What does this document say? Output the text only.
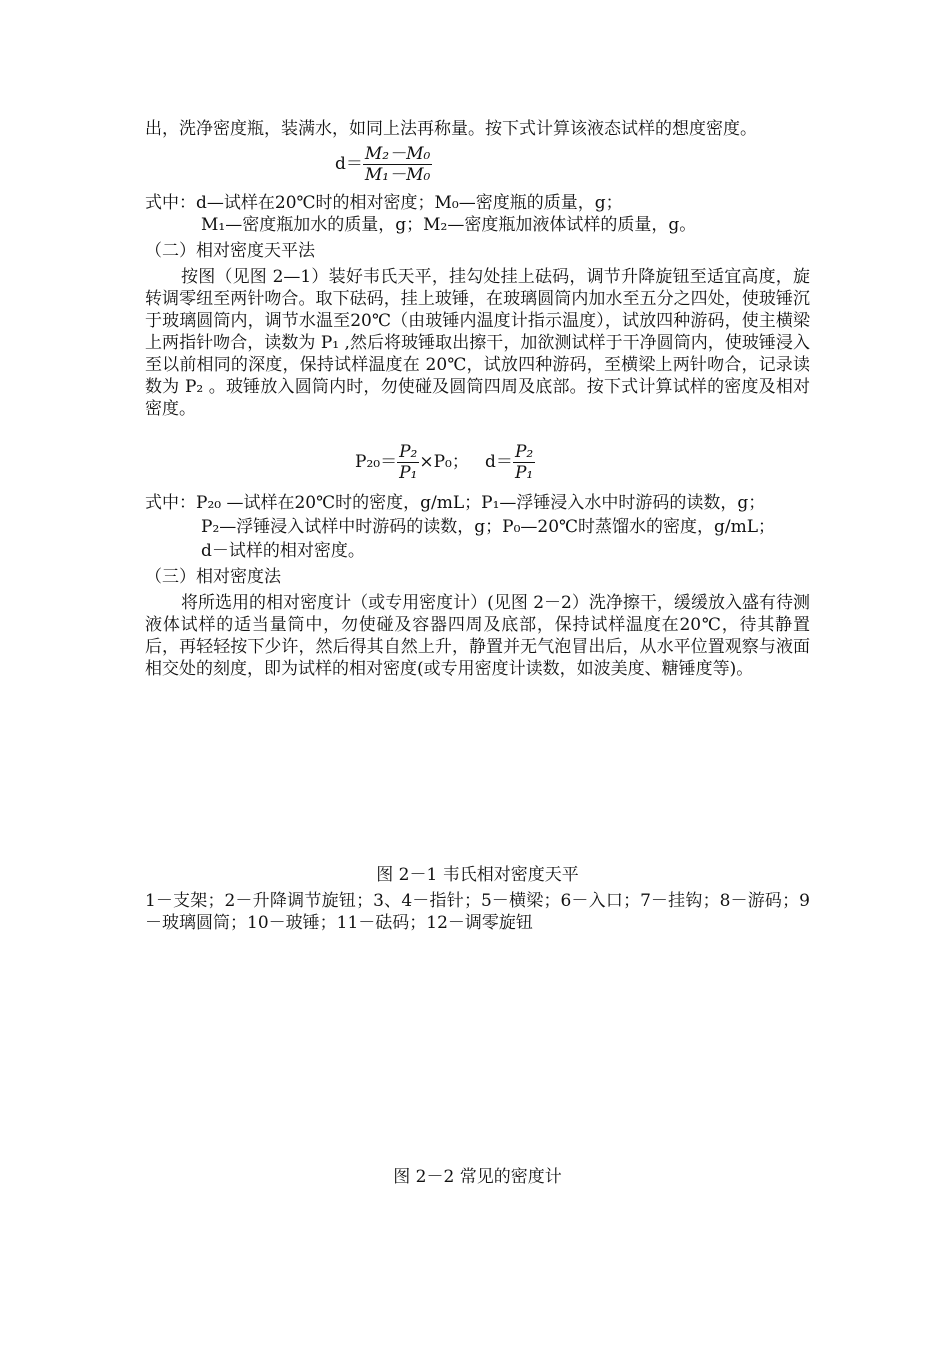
出，洗净密度瓶，装满水，如同上法再称量。按下式计算该液态试样的想度密度。

$d= \frac{\text{M₂－M₀}}{\text{M₁－M₀}}$

式中：d—试样在20℃时的相对密度；M₀—密度瓶的质量，g；

M₁—密度瓶加水的质量，g；M₂—密度瓶加液体试样的质量，g。

（二）相对密度天平法

按图（见图 2—1）装好韦氏天平，挂勾处挂上砝码，调节升降旋钮至适宜高度，旋转调零纽至两针吻合。取下砝码，挂上玻锤，在玻璃圆筒内加水至五分之四处，使玻锤沉于玻璃圆筒内，调节水温至20℃（由玻锤内温度计指示温度），试放四种游码，使主横梁上两指针吻合，读数为 P₁ ,然后将玻锤取出擦干，加欲测试样于干净圆筒内，使玻锤浸入至以前相同的深度，保持试样温度在 20℃，试放四种游码，至横梁上两针吻合，记录读数为 P₂ 。玻锤放入圆筒内时，勿使碰及圆筒四周及底部。按下式计算试样的密度及相对密度。

$P_{20}= \frac{\text{P₂}}{\text{P₁}} \times P_0$；   $d= \frac{\text{P₂}}{\text{P₁}}$

式中：P₂₀ —试样在20℃时的密度，g/mL；P₁—浮锤浸入水中时游码的读数，g；

P₂—浮锤浸入试样中时游码的读数，g；P₀—20℃时蒸馏水的密度，g/mL；

d－试样的相对密度。

（三）相对密度法

将所选用的相对密度计（或专用密度计）(见图 2－2）洗净擦干，缓缓放入盛有待测液体试样的适当量筒中，勿使碰及容器四周及底部，保持试样温度在20℃，待其静置后，再轻轻按下少许，然后得其自然上升，静置并无气泡冒出后，从水平位置观察与液面相交处的刻度，即为试样的相对密度(或专用密度计读数，如波美度、糖锤度等)。

图 2－1 韦氏相对密度天平

1－支架；2－升降调节旋钮；3、4－指针；5－横梁；6－入口；7－挂钩；8－游码；9－玻璃圆筒；10－玻锤；11－砝码；12－调零旋钮

图 2－2 常见的密度计
